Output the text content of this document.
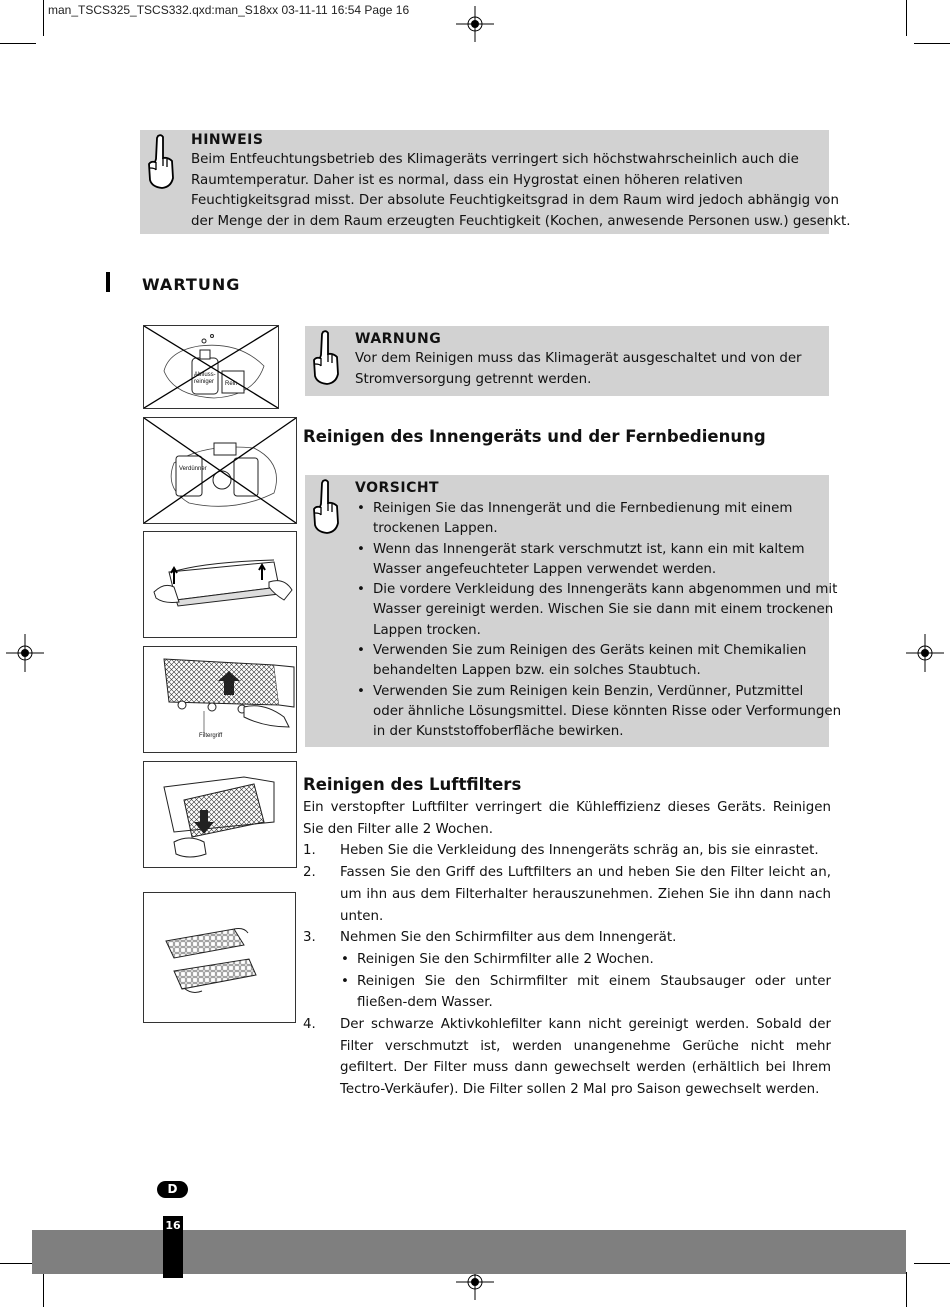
man_TSCS325_TSCS332.qxd:man_S18xx 03-11-11 16:54 Page 16
HINWEIS
Beim Entfeuchtungsbetrieb des Klimageräts verringert sich höchstwahrscheinlich auch die
Raumtemperatur. Daher ist es normal, dass ein Hygrostat einen höheren relativen
Feuchtigkeitsgrad misst. Der absolute Feuchtigkeitsgrad in dem Raum wird jedoch abhängig von
der Menge der in dem Raum erzeugten Feuchtigkeit (Kochen, anwesende Personen usw.) gesenkt.
WARTUNG
Abfluss-
reiniger Rein
Verdünner
Filtergriff
WARNUNG
Vor dem Reinigen muss das Klimagerät ausgeschaltet und von der
Stromversorgung getrennt werden.
Reinigen des Innengeräts und der Fernbedienung
VORSICHT
• Reinigen Sie das Innengerät und die Fernbedienung mit einem
trockenen Lappen.
• Wenn das Innengerät stark verschmutzt ist, kann ein mit kaltem
Wasser angefeuchteter Lappen verwendet werden.
• Die vordere Verkleidung des Innengeräts kann abgenommen und mit
Wasser gereinigt werden. Wischen Sie sie dann mit einem trockenen
Lappen trocken.
• Verwenden Sie zum Reinigen des Geräts keinen mit Chemikalien
behandelten Lappen bzw. ein solches Staubtuch.
• Verwenden Sie zum Reinigen kein Benzin, Verdünner, Putzmittel
oder ähnliche Lösungsmittel. Diese könnten Risse oder Verformungen
in der Kunststoffoberfläche bewirken.
Reinigen des Luftfilters
Ein verstopfter Luftfilter verringert die Kühleffizienz dieses Geräts. Reinigen Sie den Filter alle 2 Wochen.
1. Heben Sie die Verkleidung des Innengeräts schräg an, bis sie einrastet.
2. Fassen Sie den Griff des Luftfilters an und heben Sie den Filter leicht an, um ihn aus dem Filterhalter herauszunehmen. Ziehen Sie ihn dann nach unten.
3. Nehmen Sie den Schirmfilter aus dem Innengerät.
• Reinigen Sie den Schirmfilter alle 2 Wochen.
• Reinigen Sie den Schirmfilter mit einem Staubsauger oder unter fließen-dem Wasser.
4. Der schwarze Aktivkohlefilter kann nicht gereinigt werden. Sobald der Filter verschmutzt ist, werden unangenehme Gerüche nicht mehr gefiltert. Der Filter muss dann gewechselt werden (erhältlich bei Ihrem Tectro-Verkäufer). Die Filter sollen 2 Mal pro Saison gewechselt werden.
D
16
